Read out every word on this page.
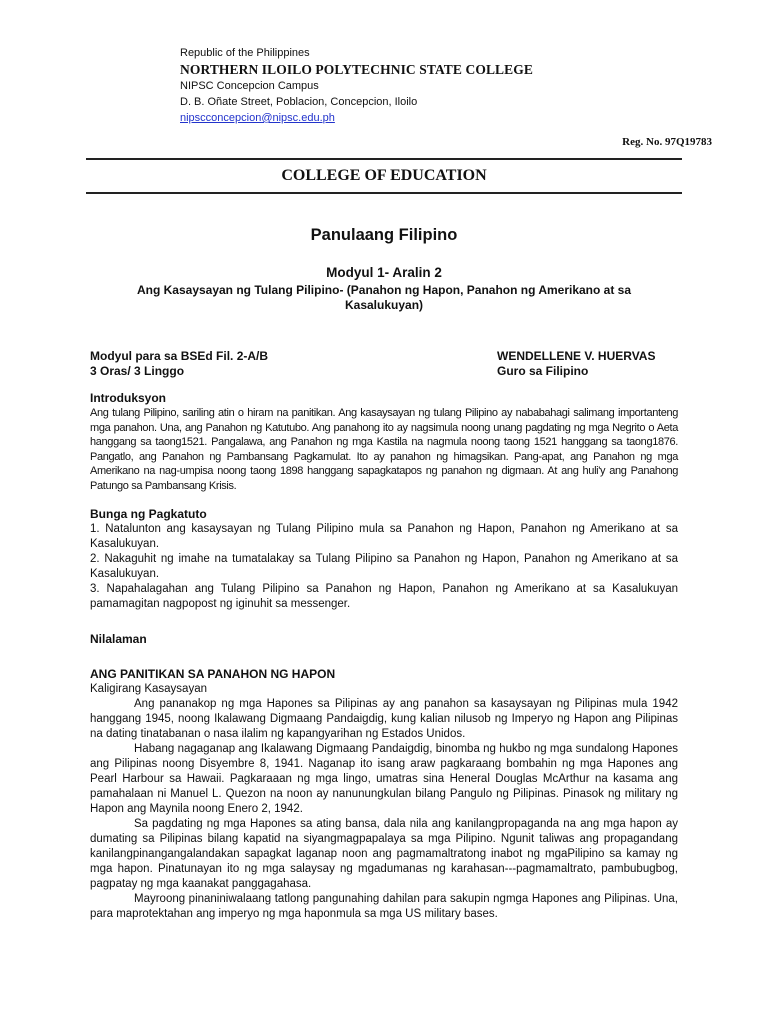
Republic of the Philippines
NORTHERN ILOILO POLYTECHNIC STATE COLLEGE
NIPSC Concepcion Campus
D. B. Oñate Street, Poblacion, Concepcion, Iloilo
nipscconcepcion@nipsc.edu.ph
Reg. No. 97Q19783
COLLEGE OF EDUCATION
Panulaang Filipino
Modyul 1- Aralin 2
Ang Kasaysayan ng Tulang Pilipino- (Panahon ng Hapon, Panahon ng Amerikano at sa Kasalukuyan)
Modyul para sa BSEd Fil. 2-A/B
3 Oras/ 3 Linggo
WENDELLENE V. HUERVAS
Guro sa Filipino
Introduksyon

Ang tulang Pilipino, sariling atin o hiram na panitikan. Ang kasaysayan ng tulang Pilipino ay nababahagi salimang importanteng mga panahon. Una, ang Panahon ng Katutubo. Ang panahong ito ay nagsimula noong unang pagdating ng mga Negrito o Aeta hanggang sa taong1521. Pangalawa, ang Panahon ng mga Kastila na nagmula noong taong 1521 hanggang sa taong1876. Pangatlo, ang Panahon ng Pambansang Pagkamulat. Ito ay panahon ng himagsikan. Pang-apat, ang Panahon ng mga Amerikano na nag-umpisa noong taong 1898 hanggang sapagkatapos ng panahon ng digmaan. At ang huli'y ang Panahong Patungo sa Pambansang Krisis.

Bunga ng Pagkatuto

1. Natalunton ang kasaysayan ng Tulang Pilipino mula sa Panahon ng Hapon, Panahon ng Amerikano at sa Kasalukuyan.

2. Nakaguhit ng imahe na tumatalakay sa Tulang Pilipino sa Panahon ng Hapon, Panahon ng Amerikano at sa Kasalukuyan.

3. Napahalagahan ang Tulang Pilipino sa Panahon ng Hapon, Panahon ng Amerikano at sa Kasalukuyan pamamagitan nagpopost ng iginuhit sa messenger.

Nilalaman
ANG PANITIKAN SA PANAHON NG HAPON

Kaligirang Kasaysayan

Ang pananakop ng mga Hapones sa Pilipinas ay ang panahon sa kasaysayan ng Pilipinas mula 1942 hanggang 1945, noong Ikalawang Digmaang Pandaigdig, kung kalian nilusob ng Imperyo ng Hapon ang Pilipinas na dating tinatabanan o nasa ilalim ng kapangyarihan ng Estados Unidos.

Habang nagaganap ang Ikalawang Digmaang Pandaigdig, binomba ng hukbo ng mga sundalong Hapones ang Pilipinas noong Disyembre 8, 1941. Naganap ito isang araw pagkaraang bombahin ng mga Hapones ang Pearl Harbour sa Hawaii. Pagkaraaan ng mga lingo, umatras sina Heneral Douglas McArthur na kasama ang pamahalaan ni Manuel L. Quezon na noon ay nanunungkulan bilang Pangulo ng Pilipinas. Pinasok ng military ng Hapon ang Maynila noong Enero 2, 1942.

Sa pagdating ng mga Hapones sa ating bansa, dala nila ang kanilangpropaganda na ang mga hapon ay dumating sa Pilipinas bilang kapatid na siyangmagpapalaya sa mga Pilipino. Ngunit taliwas ang propagandang kanilangpinangangalandakan sapagkat laganap noon ang pagmamaltratong inabot ng mgaPilipino sa kamay ng mga hapon. Pinatunayan ito ng mga salaysay ng mgadumanas ng karahasan---pagmamaltrato, pambubugbog, pagpatay ng mga kaanakat panggagahasa.

Mayroong pinaniniwalaang tatlong pangunahing dahilan para sakupin ngmga Hapones ang Pilipinas. Una, para maprotektahan ang imperyo ng mga haponmula sa mga US military bases.
